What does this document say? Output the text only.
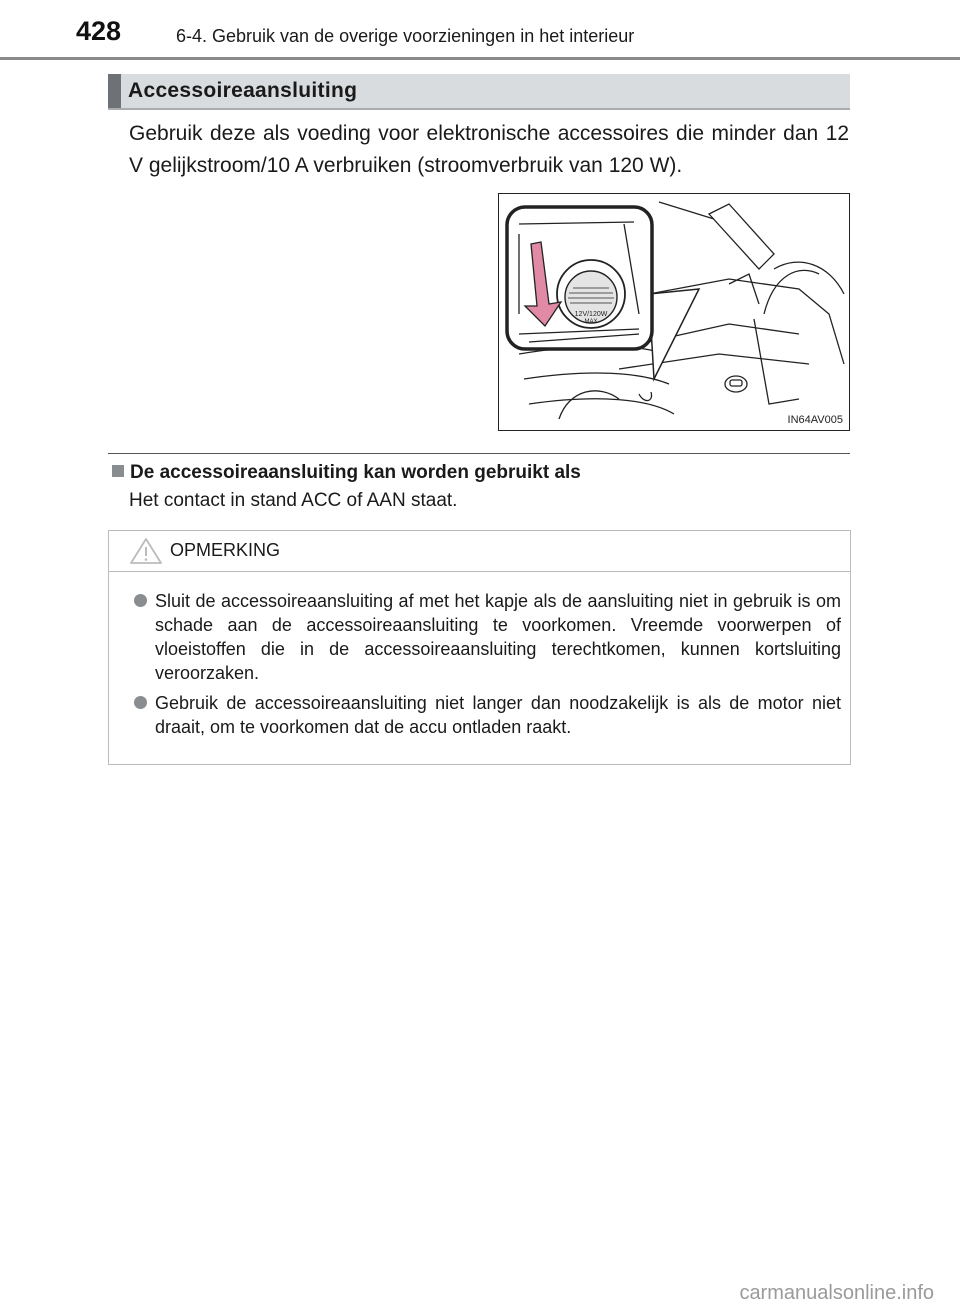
428	6-4. Gebruik van de overige voorzieningen in het interieur
Accessoireaansluiting
Gebruik deze als voeding voor elektronische accessoires die minder dan 12 V gelijkstroom/10 A verbruiken (stroomverbruik van 120 W).
12V/120W
MAX
IN64AV005
De accessoireaansluiting kan worden gebruikt als
Het contact in stand ACC of AAN staat.
OPMERKING
Sluit de accessoireaansluiting af met het kapje als de aansluiting niet in gebruik is om schade aan de accessoireaansluiting te voorkomen. Vreemde voorwerpen of vloeistoffen die in de accessoireaansluiting terechtkomen, kunnen kortsluiting veroorzaken.
Gebruik de accessoireaansluiting niet langer dan noodzakelijk is als de motor niet draait, om te voorkomen dat de accu ontladen raakt.
carmanualsonline.info
